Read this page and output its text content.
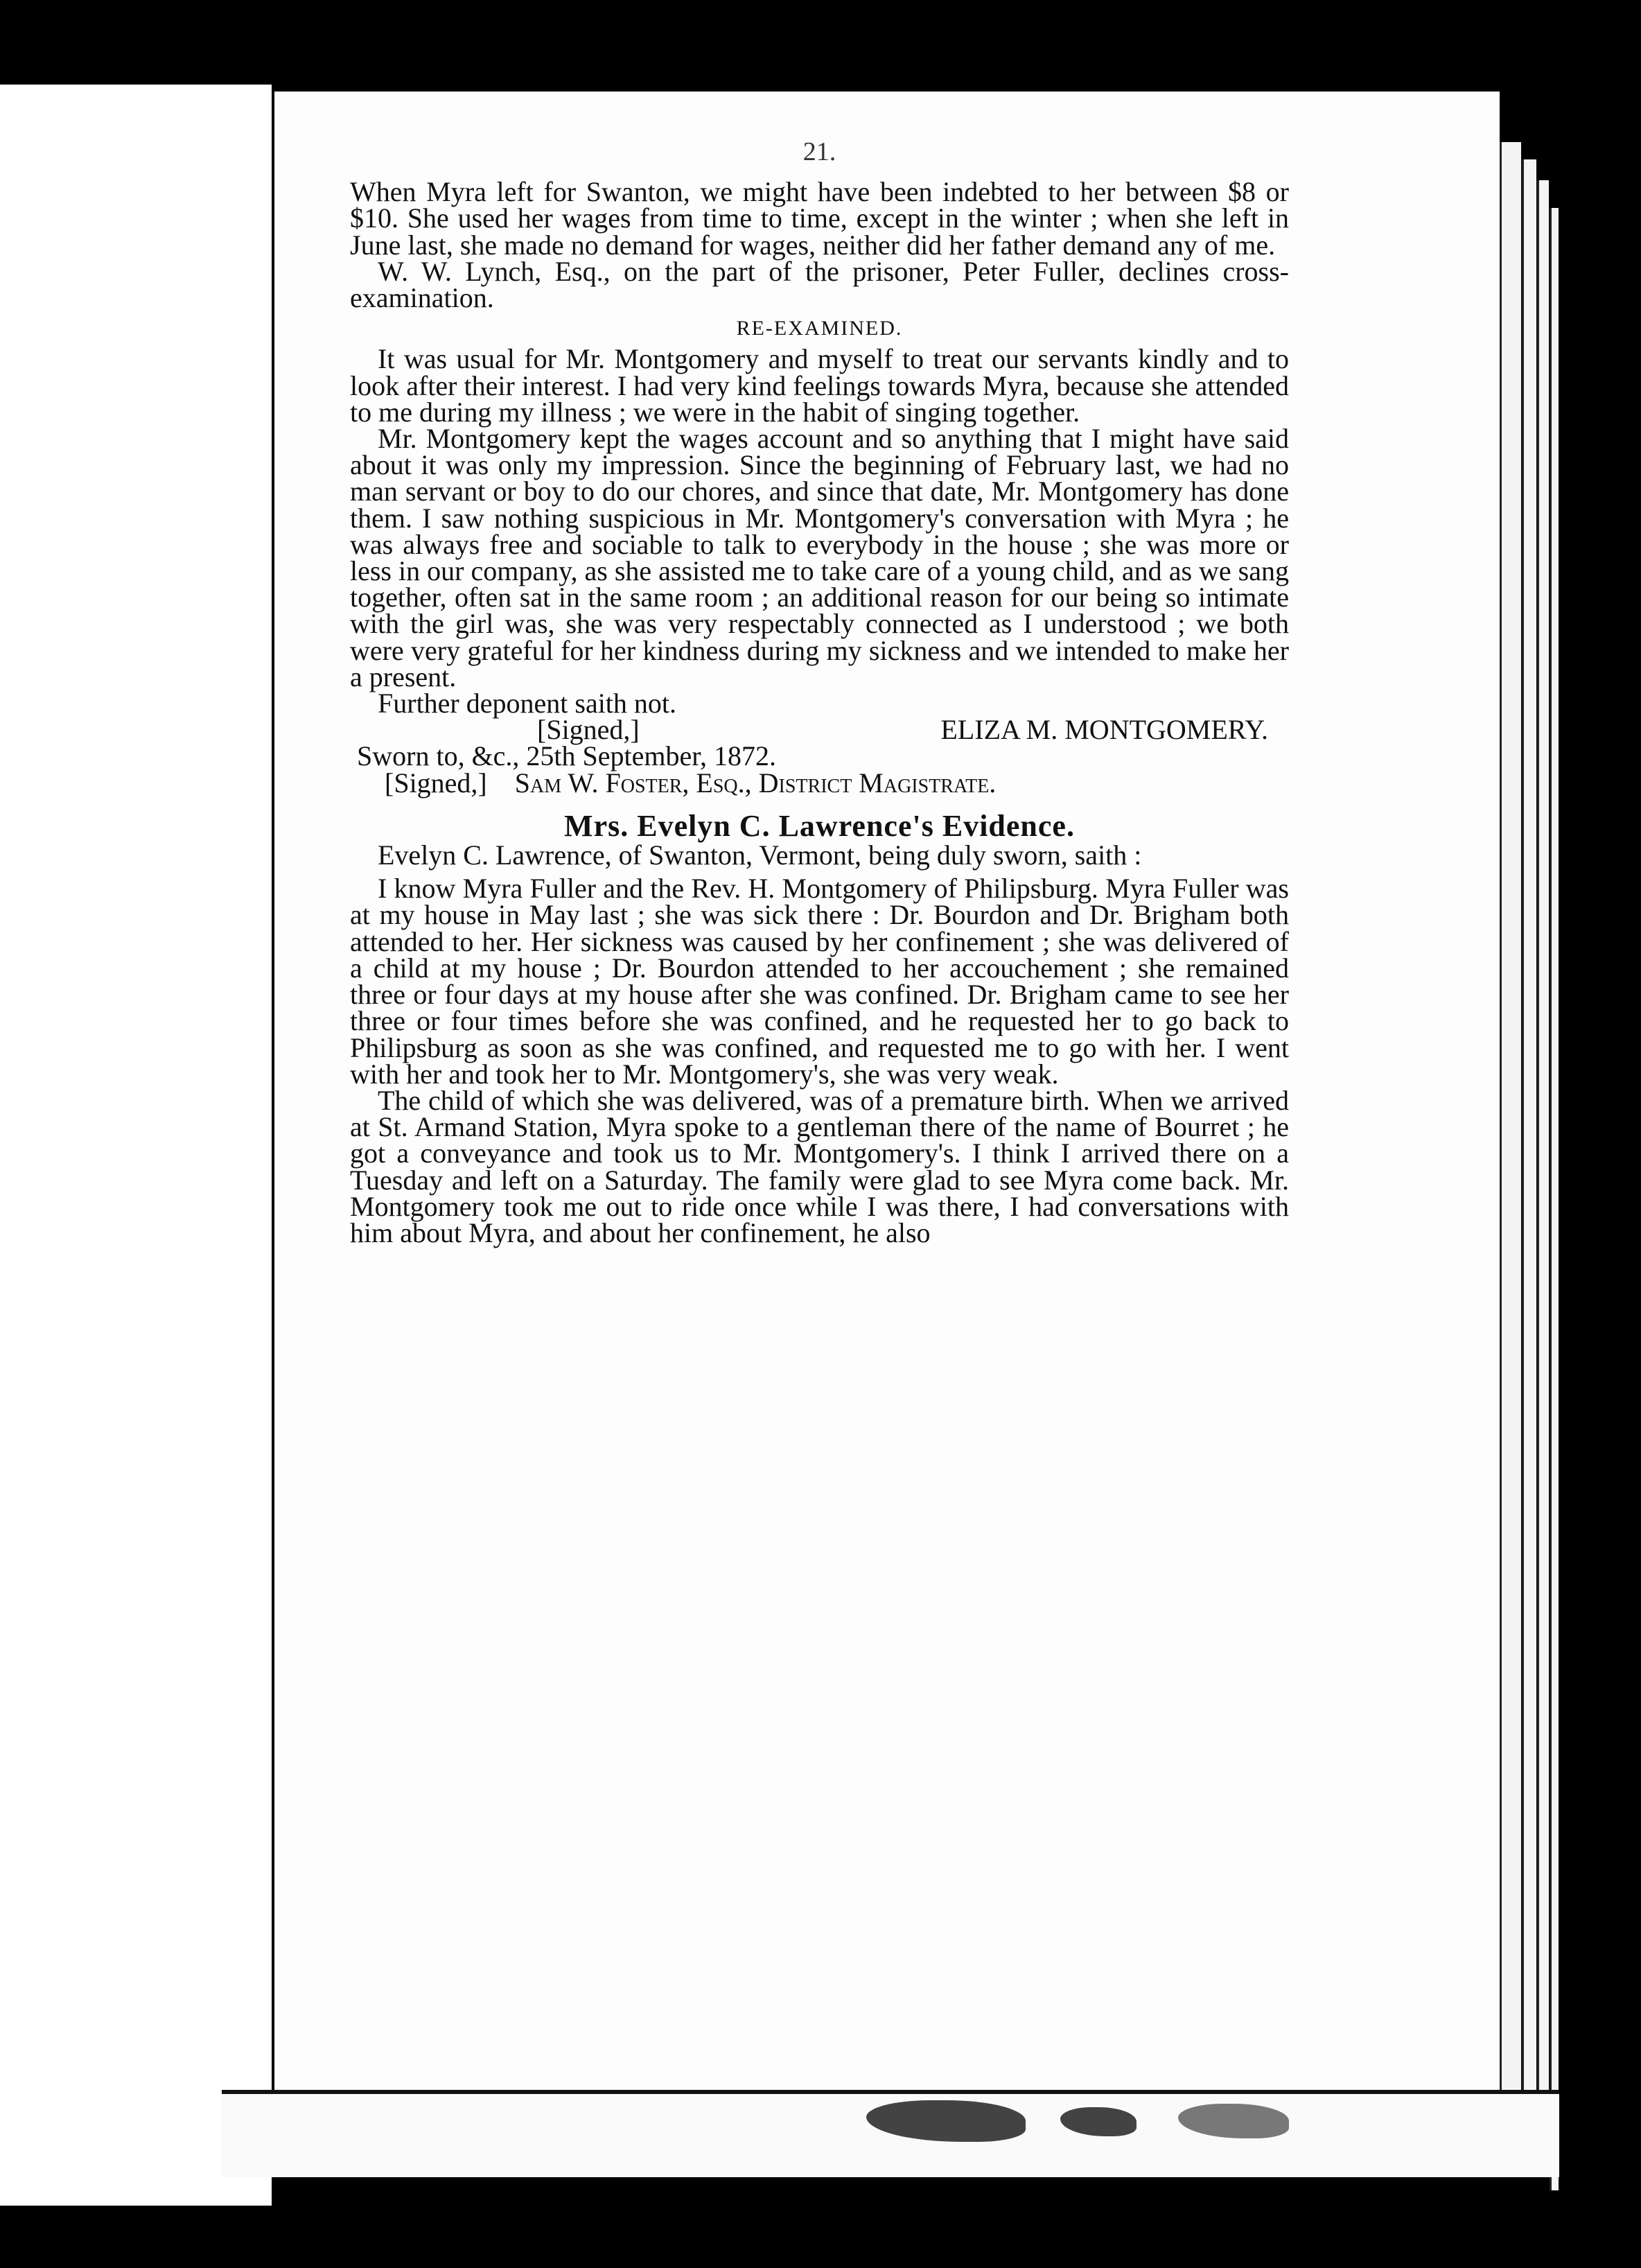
21.

When Myra left for Swanton, we might have been indebted to her between $8 or $10. She used her wages from time to time, except in the winter ; when she left in June last, she made no demand for wages, neither did her father demand any of me.

W. W. Lynch, Esq., on the part of the prisoner, Peter Fuller, declines cross-examination.

RE-EXAMINED.

It was usual for Mr. Montgomery and myself to treat our servants kindly and to look after their interest. I had very kind feelings towards Myra, because she attended to me during my illness ; we were in the habit of singing together.

Mr. Montgomery kept the wages account and so anything that I might have said about it was only my impression. Since the beginning of February last, we had no man servant or boy to do our chores, and since that date, Mr. Montgomery has done them. I saw nothing suspicious in Mr. Montgomery's conversation with Myra ; he was always free and sociable to talk to everybody in the house ; she was more or less in our company, as she assisted me to take care of a young child, and as we sang together, often sat in the same room ; an additional reason for our being so intimate with the girl was, she was very respectably connected as I understood ; we both were very grateful for her kindness during my sickness and we intended to make her a present.

Further deponent saith not.

[Signed,]	ELIZA M. MONTGOMERY.

Sworn to, &c., 25th September, 1872.

[Signed,] Sam W. Foster, Esq., District Magistrate.
Mrs. Evelyn C. Lawrence's Evidence.

Evelyn C. Lawrence, of Swanton, Vermont, being duly sworn, saith :

I know Myra Fuller and the Rev. H. Montgomery of Philipsburg. Myra Fuller was at my house in May last ; she was sick there : Dr. Bourdon and Dr. Brigham both attended to her. Her sickness was caused by her confinement ; she was delivered of a child at my house ; Dr. Bourdon attended to her accouchement ; she remained three or four days at my house after she was confined. Dr. Brigham came to see her three or four times before she was confined, and he requested her to go back to Philipsburg as soon as she was confined, and requested me to go with her. I went with her and took her to Mr. Montgomery's, she was very weak.

The child of which she was delivered, was of a premature birth. When we arrived at St. Armand Station, Myra spoke to a gentleman there of the name of Bourret ; he got a conveyance and took us to Mr. Montgomery's. I think I arrived there on a Tuesday and left on a Saturday. The family were glad to see Myra come back. Mr. Montgomery took me out to ride once while I was there, I had conversations with him about Myra, and about her confinement, he also
